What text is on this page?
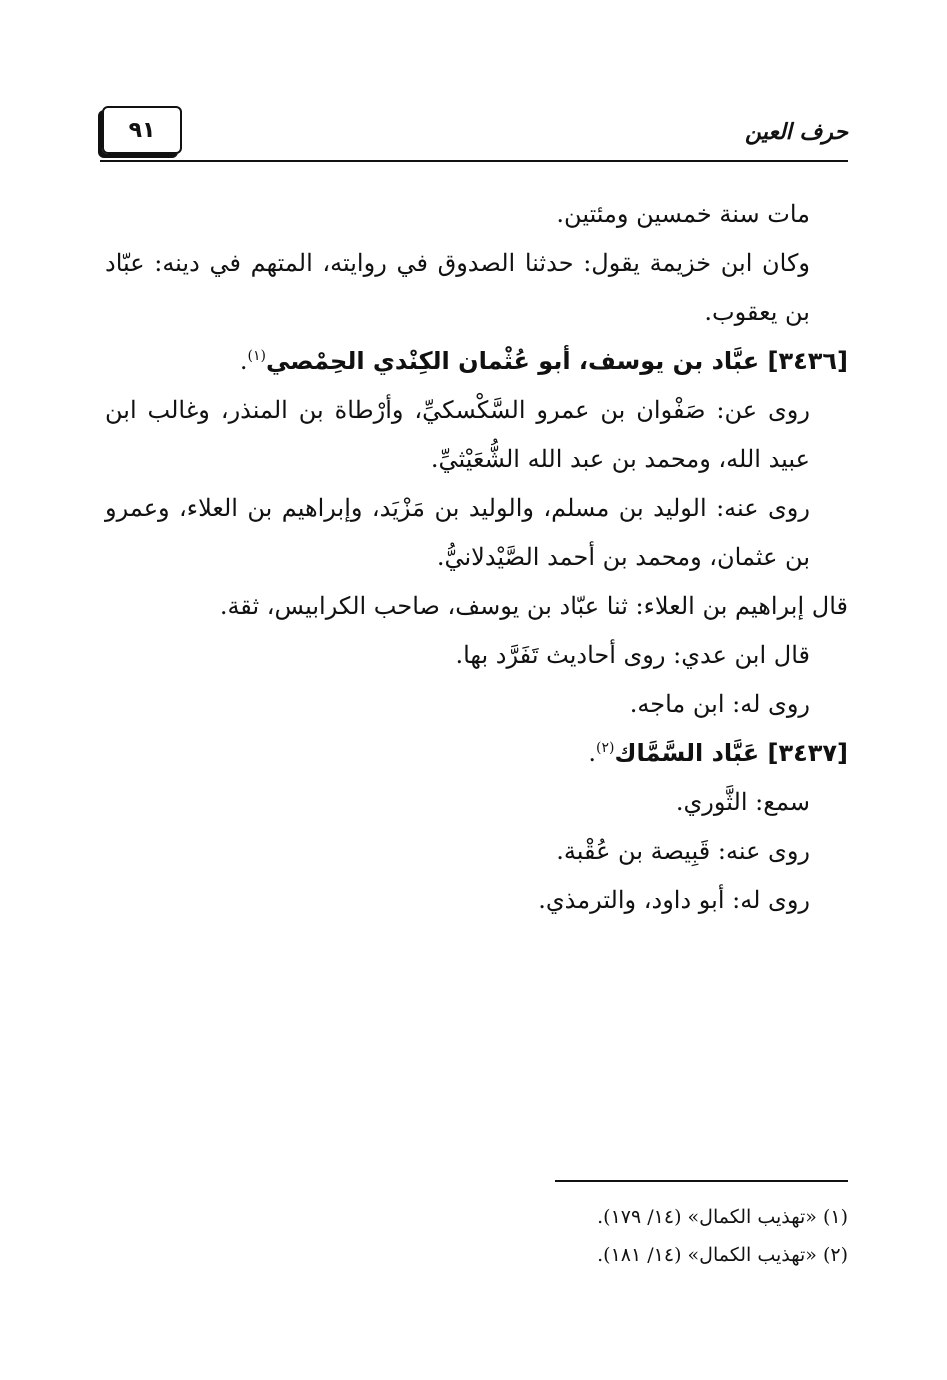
حرف العين
٩١

مات سنة خمسين ومئتين.

وكان ابن خزيمة يقول: حدثنا الصدوق في روايته، المتهم في دينه: عبّاد بن يعقوب.

[٣٤٣٦] عبَّاد بن يوسف، أبو عُثْمان الكِنْدي الحِمْصي$^{(١)}$.

روى عن: صَفْوان بن عمرو السَّكْسكيِّ، وأرْطاة بن المنذر، وغالب ابن عبيد الله، ومحمد بن عبد الله الشُّعَيْثيِّ.

روى عنه: الوليد بن مسلم، والوليد بن مَزْيَد، وإبراهيم بن العلاء، وعمرو بن عثمان، ومحمد بن أحمد الصَّيْدلانيُّ.

قال إبراهيم بن العلاء: ثنا عبّاد بن يوسف، صاحب الكرابيس، ثقة.

قال ابن عدي: روى أحاديث تَفَرَّد بها.

روى له: ابن ماجه.

[٣٤٣٧] عَبَّاد السَّمَّاك$^{(٢)}$.

سمع: الثَّوري.

روى عنه: قَبِيصة بن عُقْبة.

روى له: أبو داود، والترمذي.

(١) «تهذيب الكمال» (١٤/ ١٧٩).

(٢) «تهذيب الكمال» (١٤/ ١٨١).
